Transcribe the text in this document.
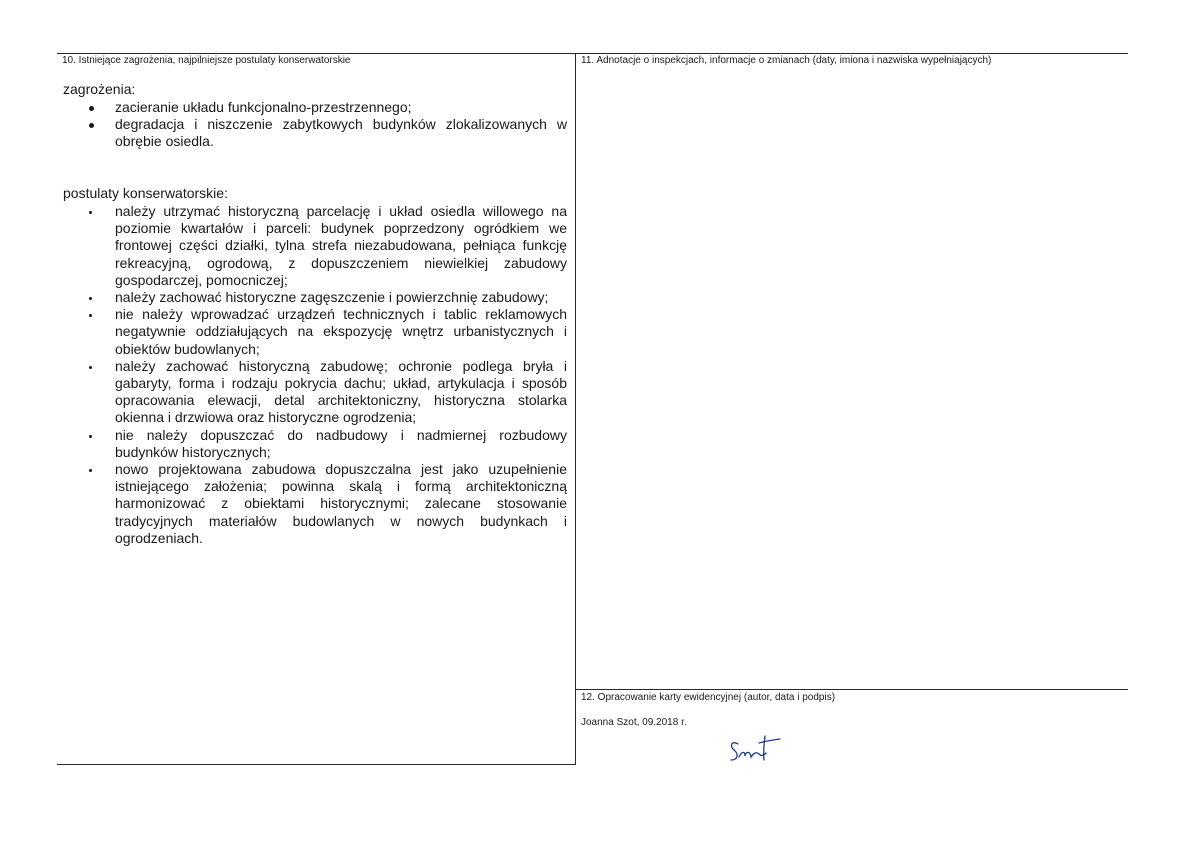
10. Istniejące zagrożenia, najpilniejsze postulaty konserwatorskie
zagrożenia:
zacieranie układu funkcjonalno-przestrzennego;
degradacja i niszczenie zabytkowych budynków zlokalizowanych w obrębie osiedla.
postulaty konserwatorskie:
należy utrzymać historyczną parcelację i układ osiedla willowego na poziomie kwartałów i parceli: budynek poprzedzony ogródkiem we frontowej części działki, tylna strefa niezabudowana, pełniąca funkcję rekreacyjną, ogrodową, z dopuszczeniem niewielkiej zabudowy gospodarczej, pomocniczej;
należy zachować historyczne zagęszczenie i powierzchnię zabudowy;
nie należy wprowadzać urządzeń technicznych i tablic reklamowych negatywnie oddziałujących na ekspozycję wnętrz urbanistycznych i obiektów budowlanych;
należy zachować historyczną zabudowę; ochronie podlega bryła i gabaryty, forma i rodzaju pokrycia dachu; układ, artykulacja i sposób opracowania elewacji, detal architektoniczny, historyczna stolarka okienna i drzwiowa oraz historyczne ogrodzenia;
nie należy dopuszczać do nadbudowy i nadmiernej rozbudowy budynków historycznych;
nowo projektowana zabudowa dopuszczalna jest jako uzupełnienie istniejącego założenia; powinna skalą i formą architektoniczną harmonizować z obiektami historycznymi; zalecane stosowanie tradycyjnych materiałów budowlanych w nowych budynkach i ogrodzeniach.
11. Adnotacje o inspekcjach, informacje o zmianach (daty, imiona i nazwiska wypełniających)
12. Opracowanie karty ewidencyjnej (autor, data i podpis)
Joanna Szot, 09.2018 r.
